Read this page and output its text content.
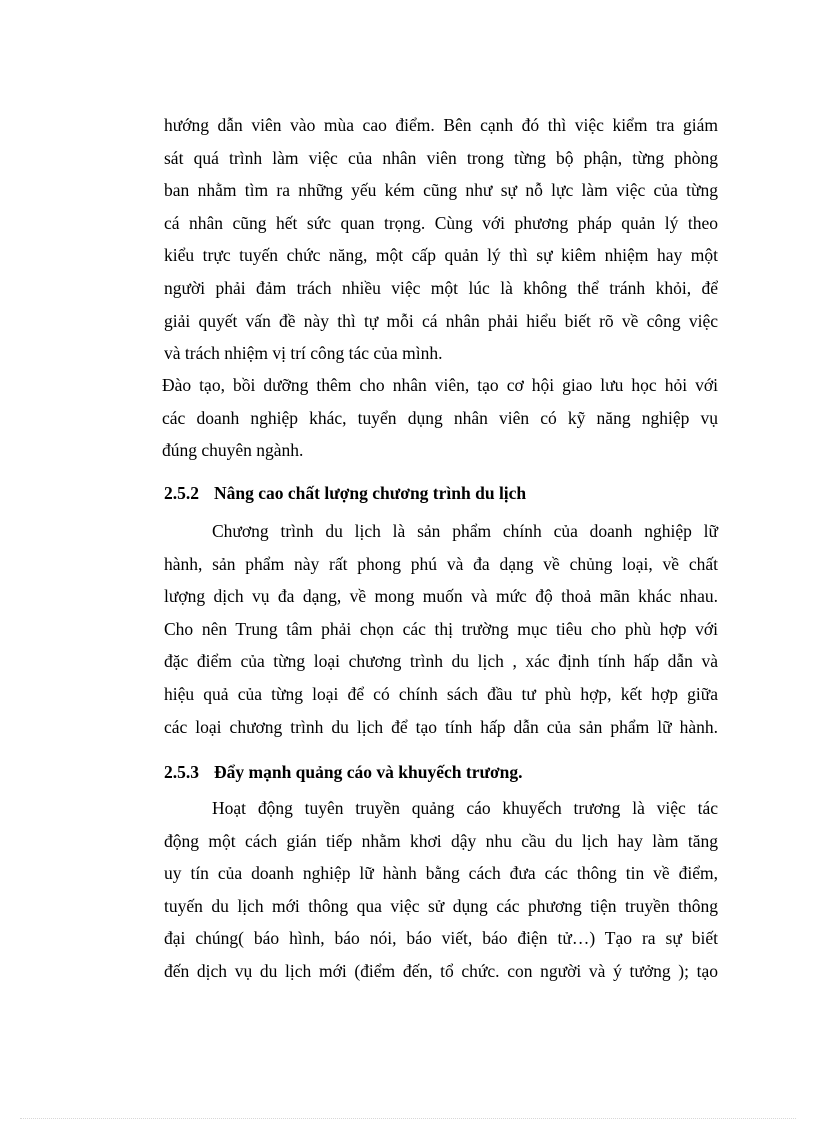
hướng dẫn viên vào mùa cao điểm. Bên cạnh đó thì việc kiểm tra giám
sát quá trình làm việc của nhân viên trong từng bộ phận, từng phòng
ban nhằm tìm ra những yếu kém cũng như sự nỗ lực làm việc của từng
cá nhân cũng hết sức quan trọng. Cùng với phương pháp quản lý theo
kiểu trực tuyến chức năng, một cấp quản lý thì sự kiêm nhiệm hay một
người phải đảm trách nhiều việc một lúc là không thể tránh khỏi, để
giải quyết vấn đề này thì tự mỗi cá nhân phải hiểu biết rõ về công việc
và trách nhiệm vị trí công tác của mình.
Đào tạo, bồi dưỡng thêm cho nhân viên, tạo cơ hội giao lưu học hỏi với
các doanh nghiệp khác, tuyển dụng nhân viên có kỹ năng nghiệp vụ
đúng chuyên ngành.
2.5.2 Nâng cao chất lượng chương trình du lịch
Chương trình du lịch là sản phẩm chính của doanh nghiệp lữ
hành, sản phẩm này rất phong phú và đa dạng về chủng loại, về chất
lượng dịch vụ đa dạng, về mong muốn và mức độ thoả mãn khác nhau.
Cho nên Trung tâm phải chọn các thị trường mục tiêu cho phù hợp với
đặc điểm của từng loại chương trình du lịch , xác định tính hấp dẫn và
hiệu quả của từng loại để có chính sách đầu tư phù hợp, kết hợp giữa
các loại chương trình du lịch để tạo tính hấp dẫn của sản phẩm lữ hành.
2.5.3 Đẩy mạnh quảng cáo và khuyếch trương.
Hoạt động tuyên truyền quảng cáo khuyếch trương là việc tác
động một cách gián tiếp nhằm khơi dậy nhu cầu du lịch hay làm tăng
uy tín của doanh nghiệp lữ hành bằng cách đưa các thông tin về điểm,
tuyến du lịch mới thông qua việc sử dụng các phương tiện truyền thông
đại chúng( báo hình, báo nói, báo viết, báo điện tử…) Tạo ra sự biết
đến dịch vụ du lịch mới (điểm đến, tổ chức. con người và ý tưởng ); tạo
